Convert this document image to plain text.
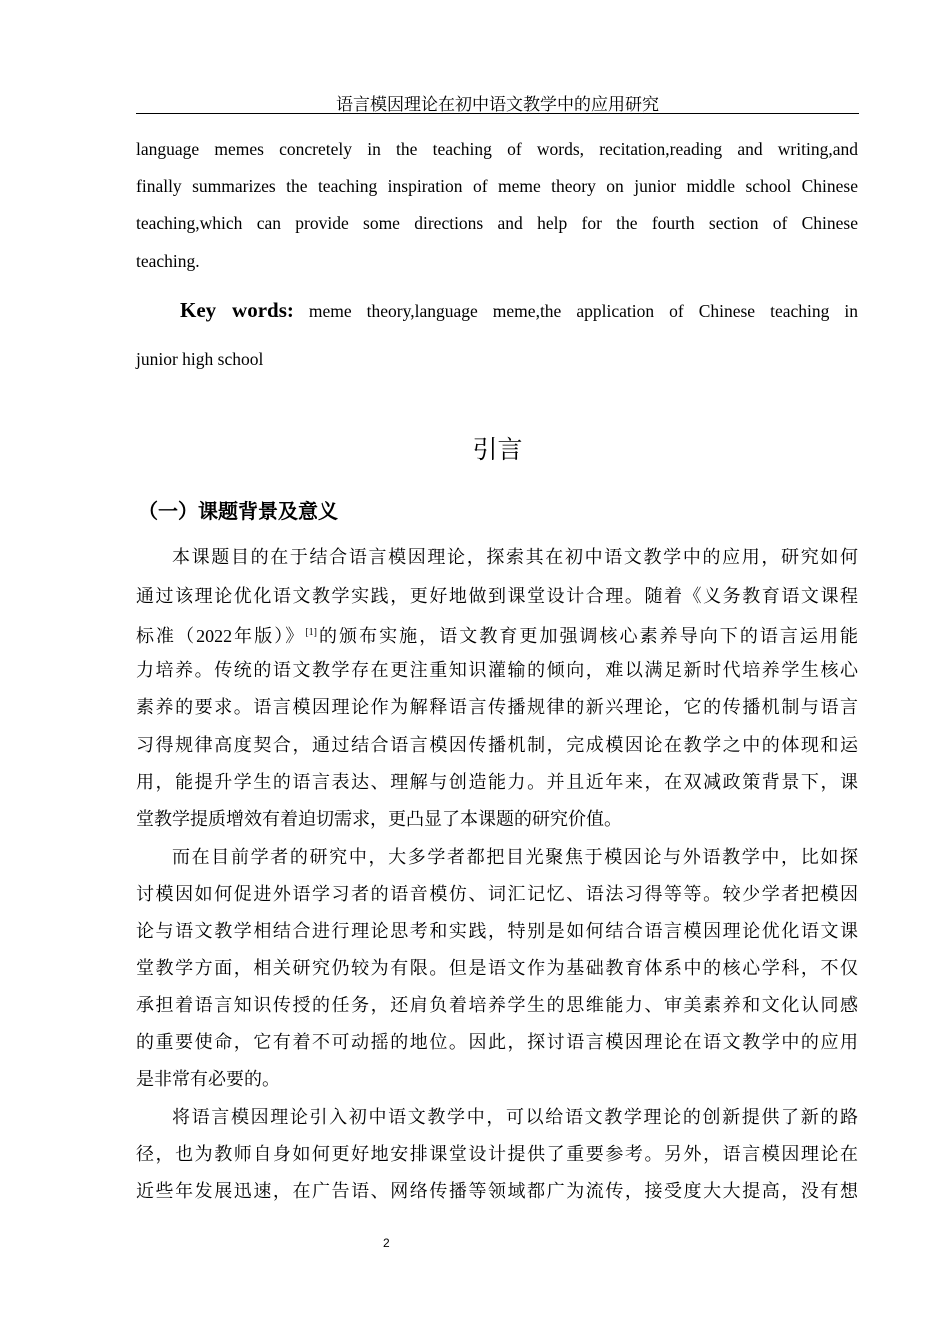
语言模因理论在初中语文教学中的应用研究
language memes concretely in the teaching of words, recitation,reading and writing,and
finally summarizes the teaching inspiration of meme theory on junior middle school Chinese
teaching,which can provide some directions and help for the fourth section of Chinese
teaching.
Key words: meme theory,language meme,the application of Chinese teaching in
junior high school
引言
（一）课题背景及意义
本课题目的在于结合语言模因理论，探索其在初中语文教学中的应用，研究如何
通过该理论优化语文教学实践，更好地做到课堂设计合理。随着《义务教育语文课程
标准（2022年版）》[1]的颁布实施，语文教育更加强调核心素养导向下的语言运用能
力培养。传统的语文教学存在更注重知识灌输的倾向，难以满足新时代培养学生核心
素养的要求。语言模因理论作为解释语言传播规律的新兴理论，它的传播机制与语言
习得规律高度契合，通过结合语言模因传播机制，完成模因论在教学之中的体现和运
用，能提升学生的语言表达、理解与创造能力。并且近年来，在双减政策背景下，课
堂教学提质增效有着迫切需求，更凸显了本课题的研究价值。
而在目前学者的研究中，大多学者都把目光聚焦于模因论与外语教学中，比如探
讨模因如何促进外语学习者的语音模仿、词汇记忆、语法习得等等。较少学者把模因
论与语文教学相结合进行理论思考和实践，特别是如何结合语言模因理论优化语文课
堂教学方面，相关研究仍较为有限。但是语文作为基础教育体系中的核心学科，不仅
承担着语言知识传授的任务，还肩负着培养学生的思维能力、审美素养和文化认同感
的重要使命，它有着不可动摇的地位。因此，探讨语言模因理论在语文教学中的应用
是非常有必要的。
将语言模因理论引入初中语文教学中，可以给语文教学理论的创新提供了新的路
径，也为教师自身如何更好地安排课堂设计提供了重要参考。另外，语言模因理论在
近些年发展迅速，在广告语、网络传播等领域都广为流传，接受度大大提高，没有想
2
